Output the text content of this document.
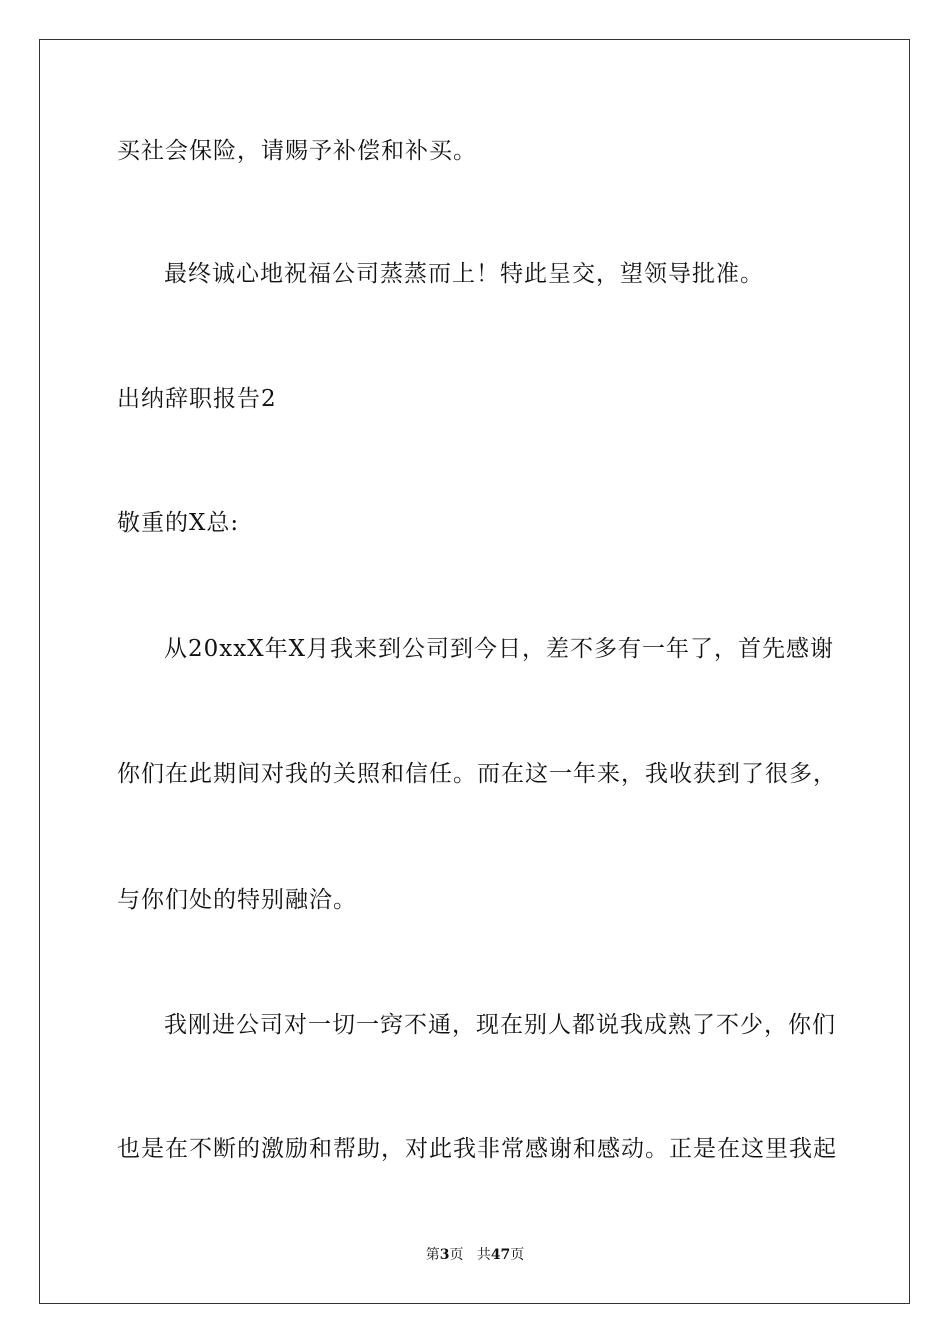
买社会保险，请赐予补偿和补买。
最终诚心地祝福公司蒸蒸而上！特此呈交，望领导批准。
出纳辞职报告2
敬重的X总:
从20xxX年X月我来到公司到今日，差不多有一年了，首先感谢
你们在此期间对我的关照和信任。而在这一年来，我收获到了很多，
与你们处的特别融洽。
我刚进公司对一切一窍不通，现在别人都说我成熟了不少，你们
也是在不断的激励和帮助，对此我非常感谢和感动。正是在这里我起
第3页 共47页
